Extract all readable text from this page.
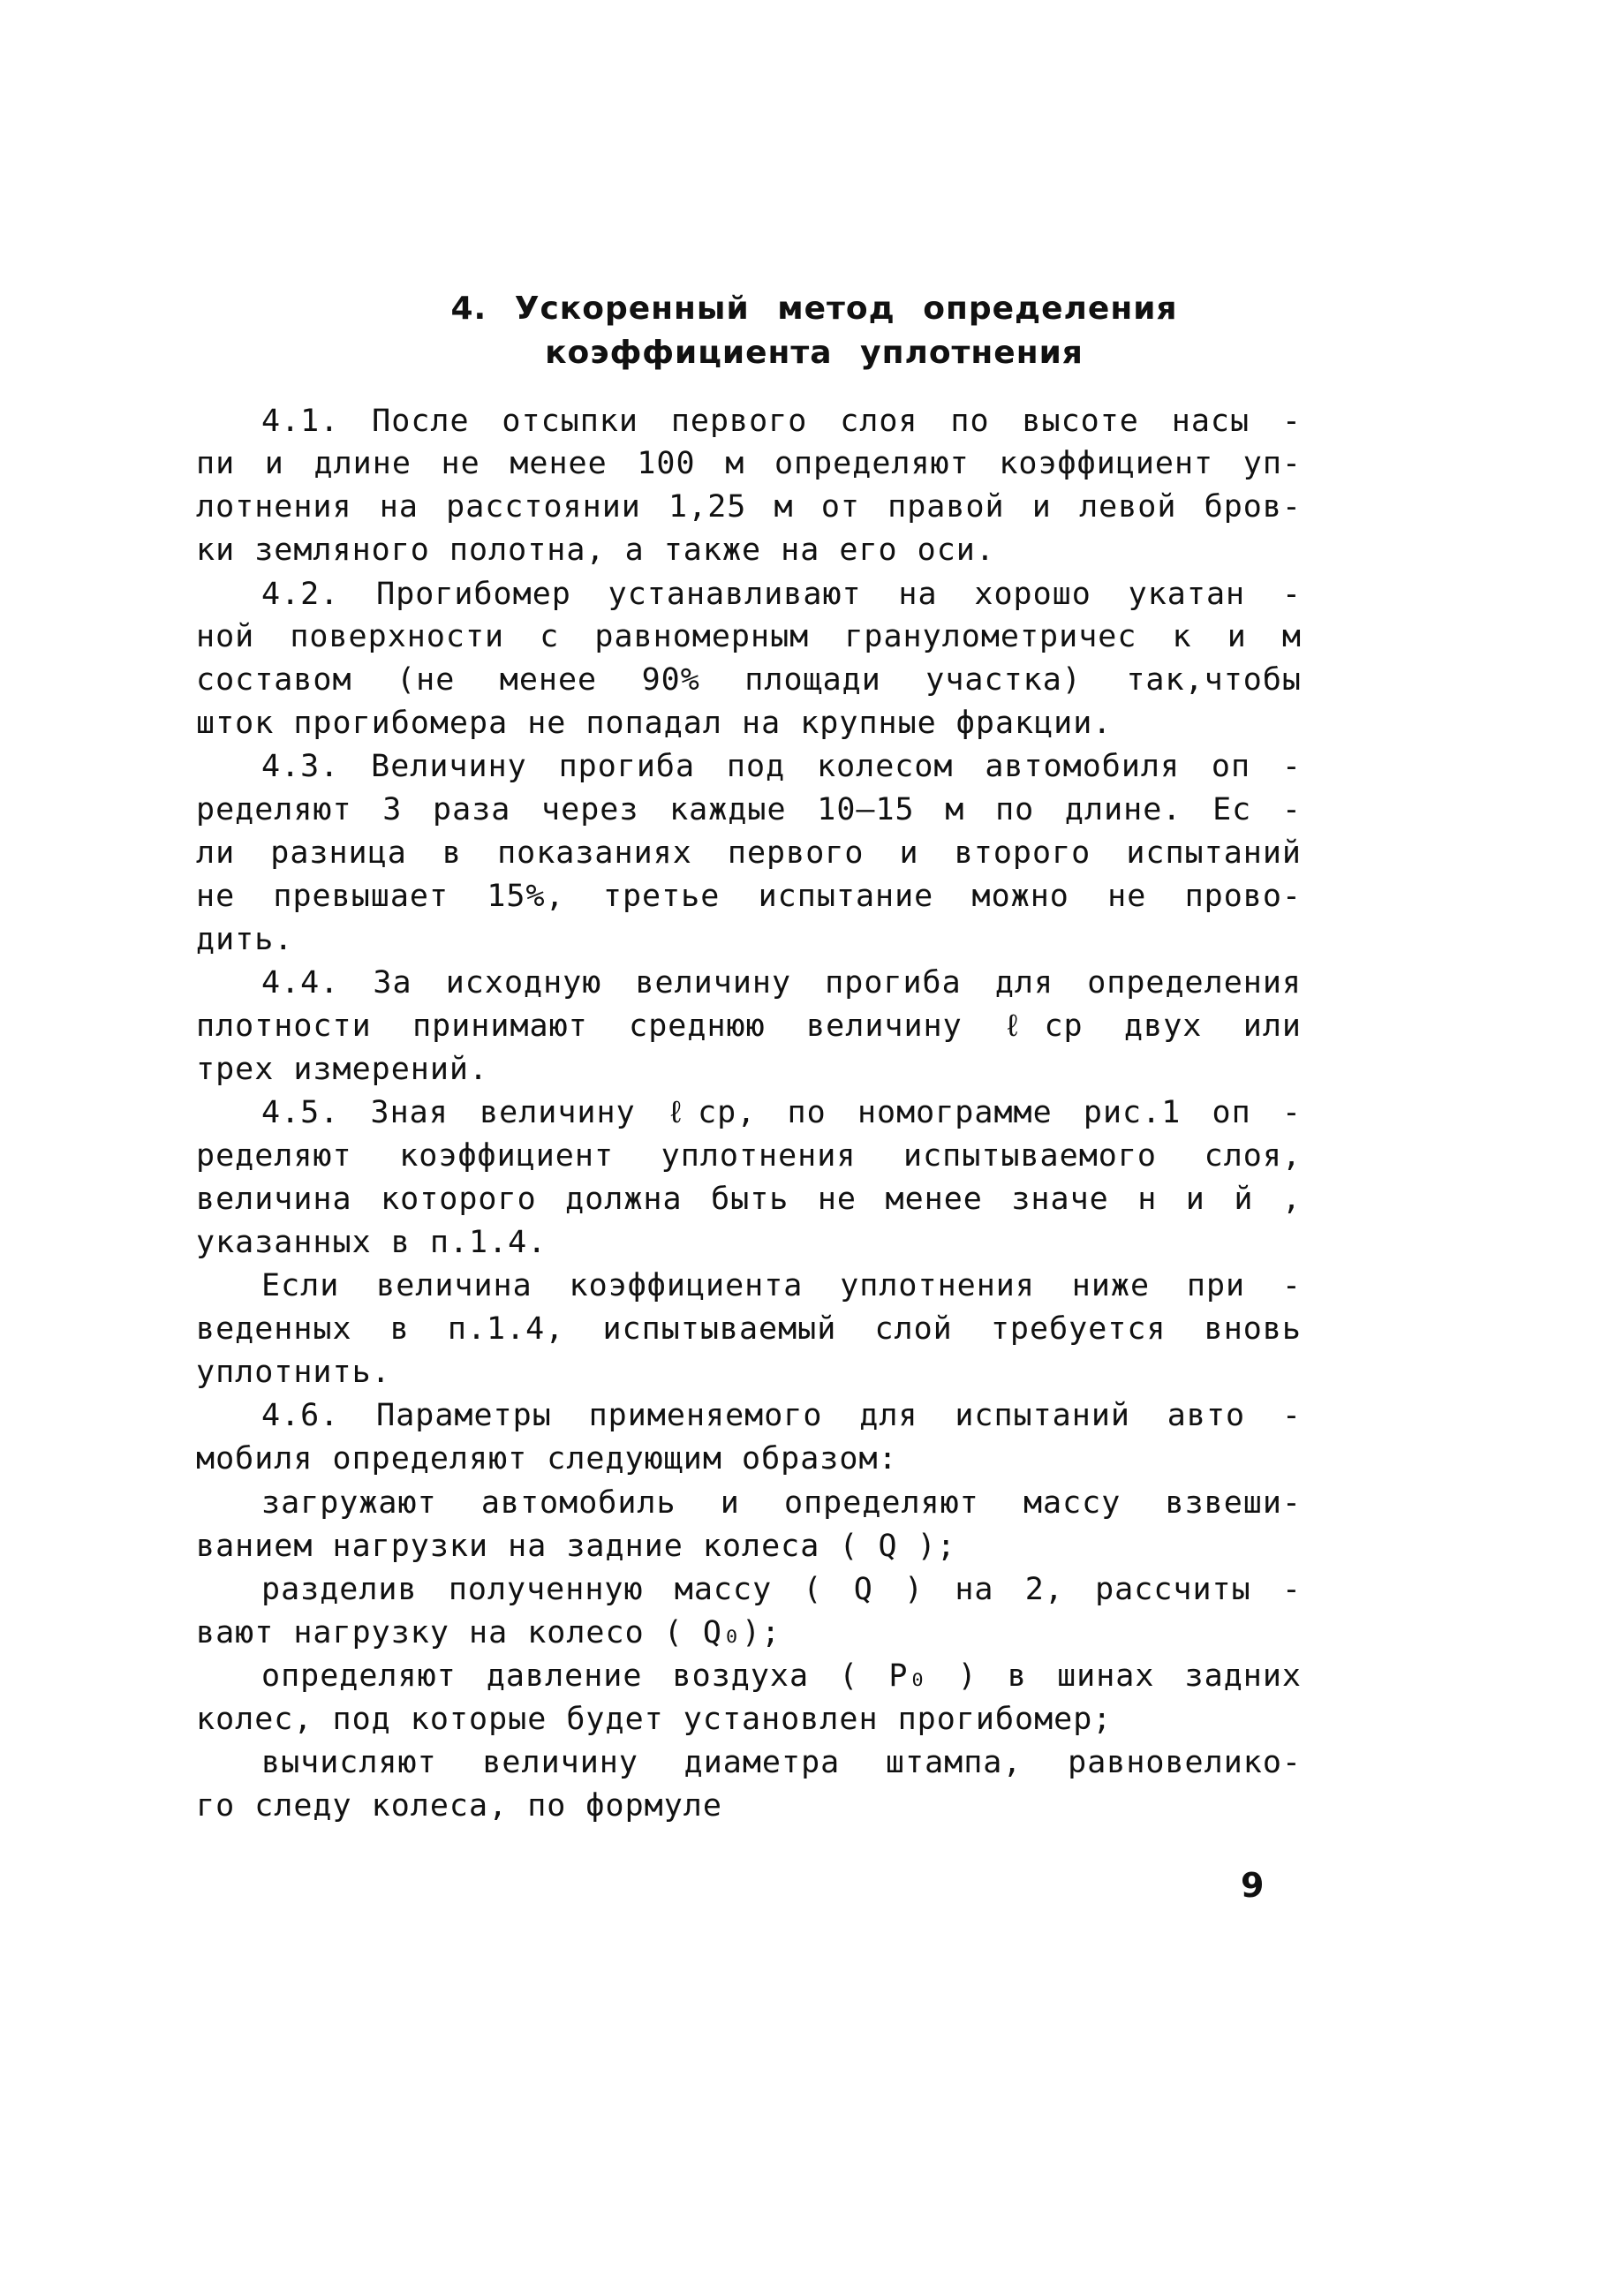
4. Ускоренный метод определения
коэффициента уплотнения
4.1. После отсыпки первого слоя по высоте насы -
пи и длине не менее 100 м определяют коэффициент уп-
лотнения на расстоянии 1,25 м от правой и левой бров-
ки земляного полотна, а также на его оси.
4.2. Прогибомер устанавливают на хорошо укатан -
ной поверхности с равномерным гранулометричес к и м
составом (не менее 90% площади участка) так,чтобы
шток прогибомера не попадал на крупные фракции.
4.3. Величину прогиба под колесом автомобиля оп -
ределяют 3 раза через каждые 10–15 м по длине. Ес -
ли разница в показаниях первого и второго испытаний
не превышает 15%, третье испытание можно не прово-
дить.
4.4. За исходную величину прогиба для определения
плотности принимают среднюю величину ℓср двух или
трех измерений.
4.5. Зная величину ℓср, по номограмме рис.1 оп -
ределяют коэффициент уплотнения испытываемого слоя,
величина которого должна быть не менее значе н и й ,
указанных в п.1.4.
Если величина коэффициента уплотнения ниже при -
веденных в п.1.4, испытываемый слой требуется вновь
уплотнить.
4.6. Параметры применяемого для испытаний авто -
мобиля определяют следующим образом:
загружают автомобиль и определяют массу взвеши-
ванием нагрузки на задние колеса ( Q );
разделив полученную массу ( Q ) на 2, рассчиты -
вают нагрузку на колесо ( Q₀);
определяют давление воздуха ( P₀ ) в шинах задних
колес, под которые будет установлен прогибомер;
вычисляют величину диаметра штампа, равновелико-
го следу колеса, по формуле
9
